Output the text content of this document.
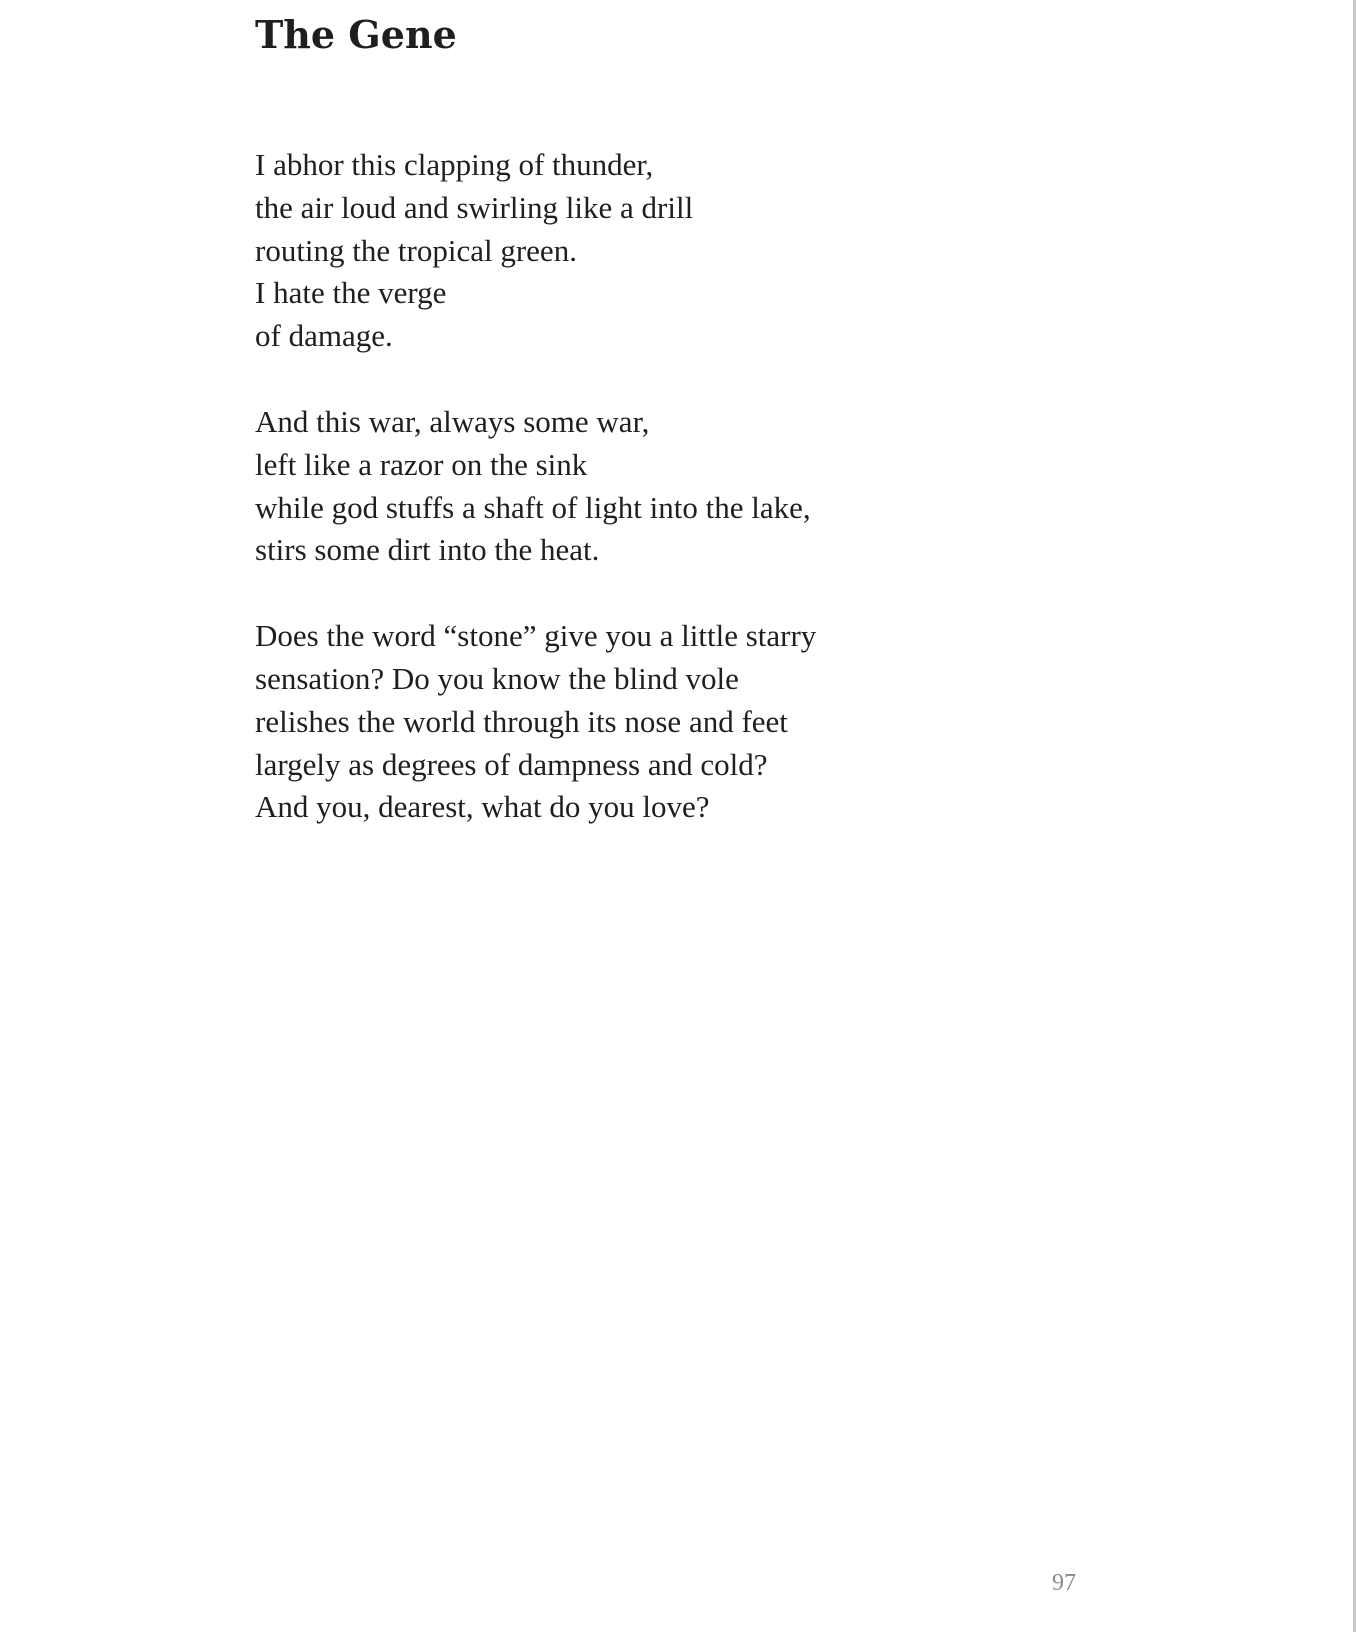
The Gene
I abhor this clapping of thunder,
the air loud and swirling like a drill
routing the tropical green.
I hate the verge
of damage.
And this war, always some war,
left like a razor on the sink
while god stuffs a shaft of light into the lake,
stirs some dirt into the heat.
Does the word “stone” give you a little starry
sensation? Do you know the blind vole
relishes the world through its nose and feet
largely as degrees of dampness and cold?
And you, dearest, what do you love?
97
